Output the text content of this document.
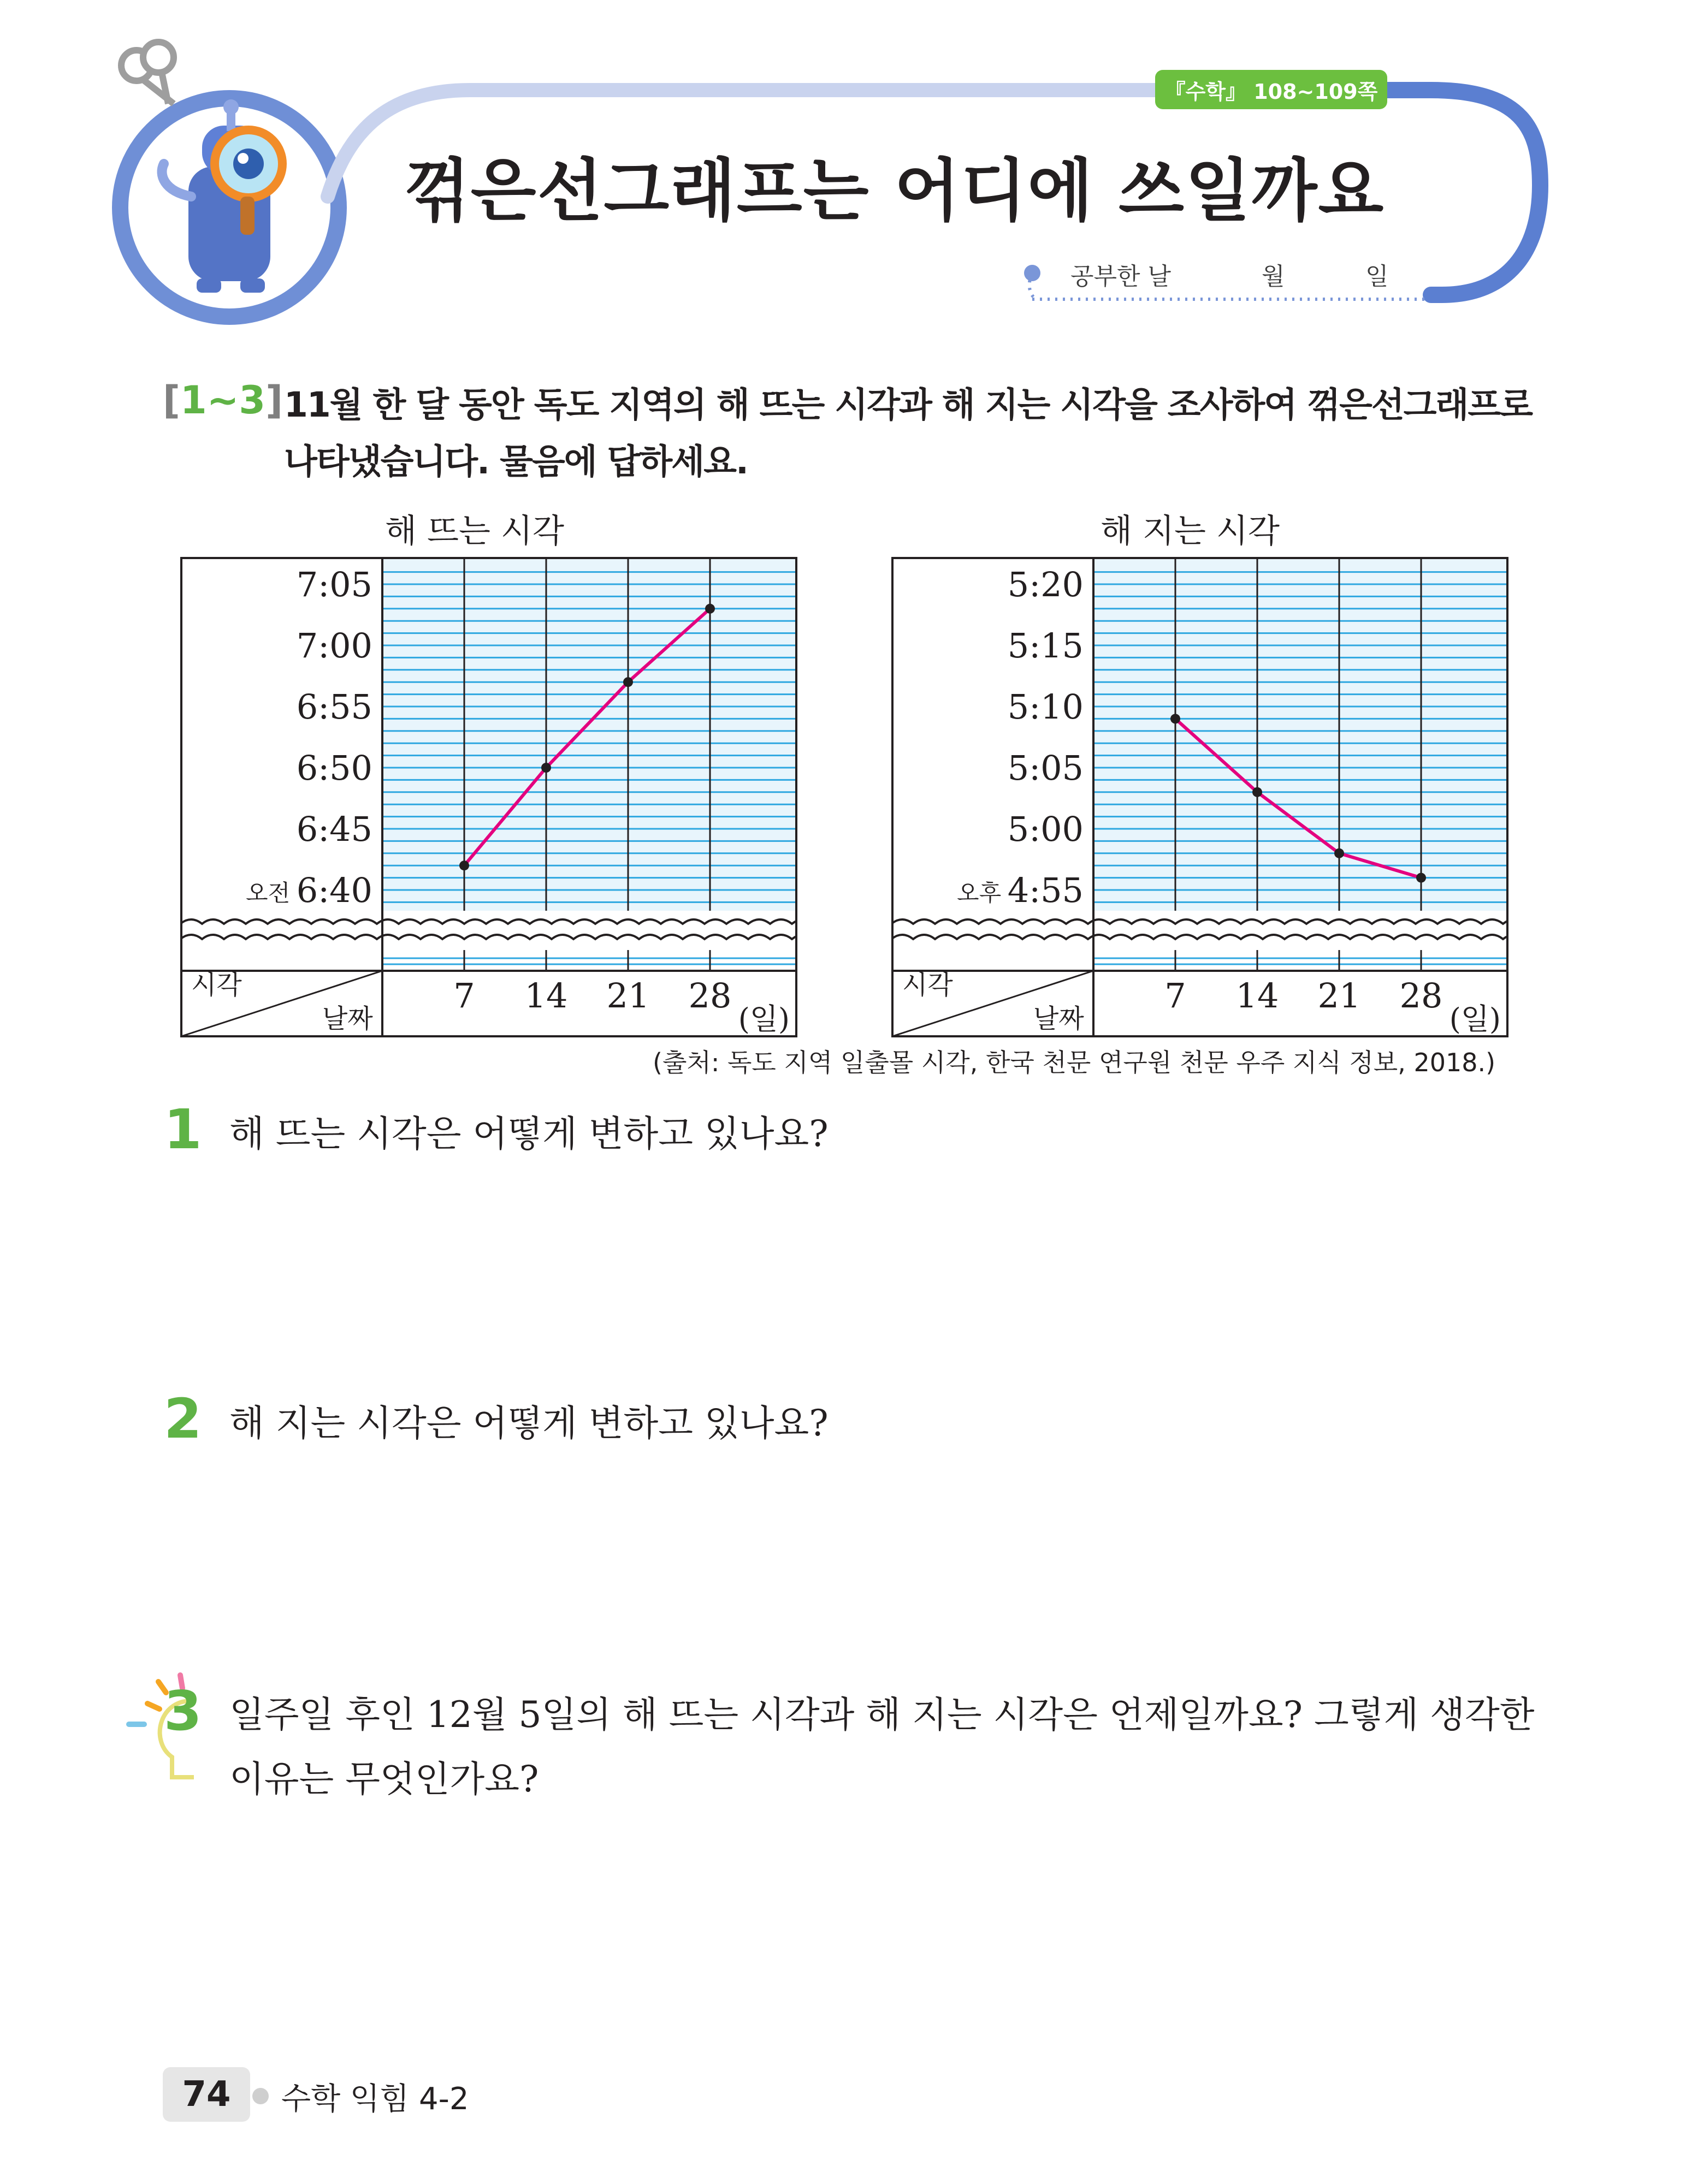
『수학』 108~109쪽
꺾은선그래프는 어디에 쓰일까요
공부한 날	월	일
[1~3] 11월 한 달 동안 독도 지역의 해 뜨는 시각과 해 지는 시각을 조사하여 꺾은선그래프로
나타냈습니다. 물음에 답하세요.
해 뜨는 시각	해 지는 시각
6:40
6:45
6:50
6:55
7:00
7:05
오전
시각
날짜
7 14 21 28
(일)
4:55
5:00
5:05
5:10
5:15
5:20
오후
시각
날짜
7 14 21 28
(일)
(출처: 독도 지역 일출몰 시각, 한국 천문 연구원 천문 우주 지식 정보, 2018.)
1 해 뜨는 시각은 어떻게 변하고 있나요?
2 해 지는 시각은 어떻게 변하고 있나요?
3 일주일 후인 12월 5일의 해 뜨는 시각과 해 지는 시각은 언제일까요? 그렇게 생각한
이유는 무엇인가요?
74	수학 익힘 4-2
